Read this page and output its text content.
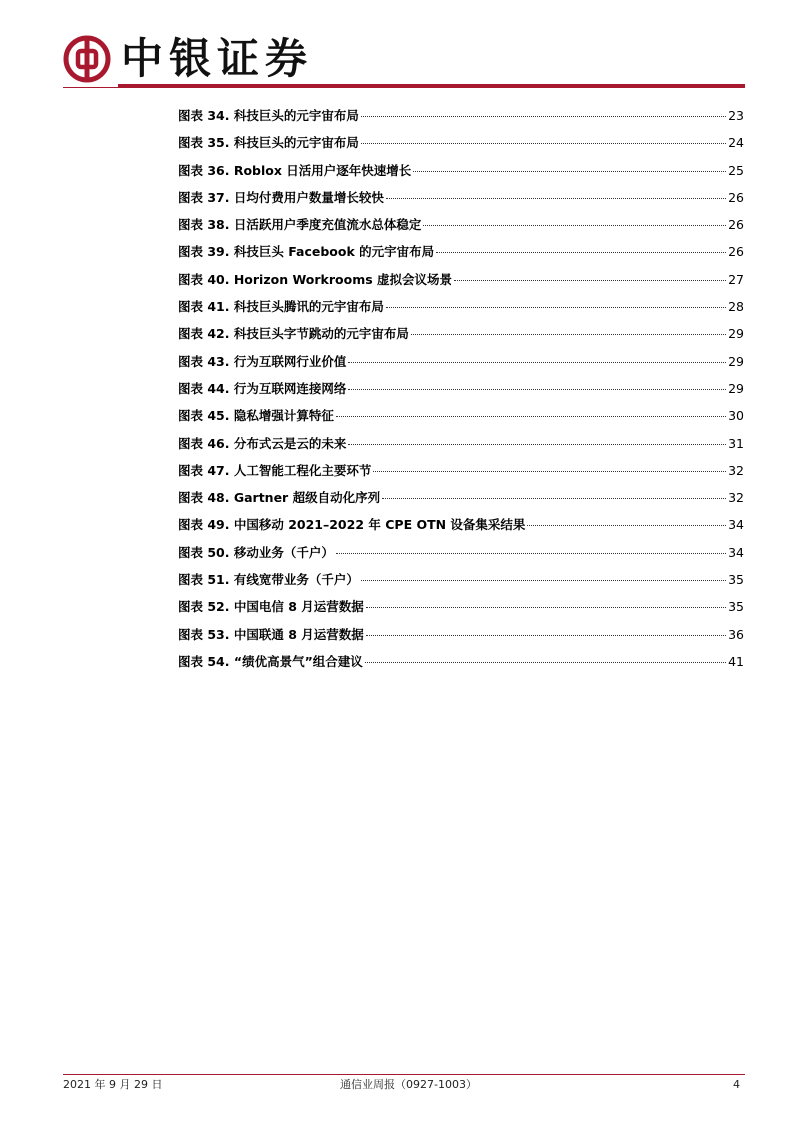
中银证券
图表 34. 科技巨头的元宇宙布局	23
图表 35. 科技巨头的元宇宙布局	24
图表 36. Roblox 日活用户逐年快速增长	25
图表 37. 日均付费用户数量增长较快	26
图表 38. 日活跃用户季度充值流水总体稳定	26
图表 39. 科技巨头 Facebook 的元宇宙布局	26
图表 40. Horizon Workrooms 虚拟会议场景	27
图表 41. 科技巨头腾讯的元宇宙布局	28
图表 42. 科技巨头字节跳动的元宇宙布局	29
图表 43. 行为互联网行业价值	29
图表 44. 行为互联网连接网络	29
图表 45. 隐私增强计算特征	30
图表 46. 分布式云是云的未来	31
图表 47. 人工智能工程化主要环节	32
图表 48. Gartner 超级自动化序列	32
图表 49. 中国移动 2021–2022 年 CPE OTN 设备集采结果	34
图表 50. 移动业务（千户）	34
图表 51. 有线宽带业务（千户）	35
图表 52. 中国电信 8 月运营数据	35
图表 53. 中国联通 8 月运营数据	36
图表 54. “绩优高景气”组合建议	41
2021 年 9 月 29 日	通信业周报（0927-1003）	4
